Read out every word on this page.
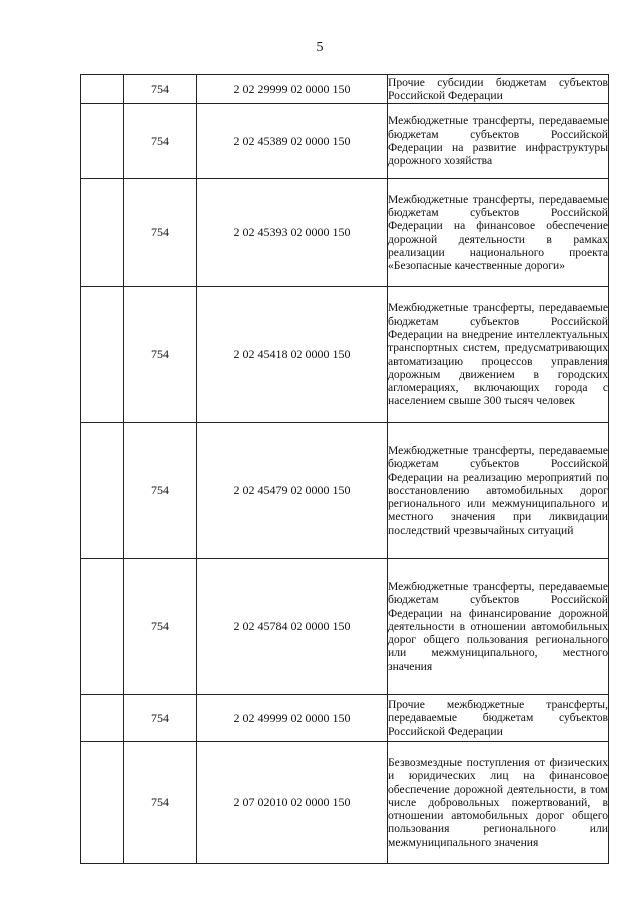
5
	754	2 02 29999 02 0000 150	Прочие субсидии бюджетам субъектов Российской Федерации
	754	2 02 45389 02 0000 150	Межбюджетные трансферты, передаваемые бюджетам субъектов Российской Федерации на развитие инфраструктуры дорожного хозяйства
	754	2 02 45393 02 0000 150	Межбюджетные трансферты, передаваемые бюджетам субъектов Российской Федерации на финансовое обеспечение дорожной деятельности в рамках реализации национального проекта «Безопасные качественные дороги»
	754	2 02 45418 02 0000 150	Межбюджетные трансферты, передаваемые бюджетам субъектов Российской Федерации на внедрение интеллектуальных транспортных систем, предусматривающих автоматизацию процессов управления дорожным движением в городских агломерациях, включающих города с населением свыше 300 тысяч человек
	754	2 02 45479 02 0000 150	Межбюджетные трансферты, передаваемые бюджетам субъектов Российской Федерации на реализацию мероприятий по восстановлению автомобильных дорог регионального или межмуниципального и местного значения при ликвидации последствий чрезвычайных ситуаций
	754	2 02 45784 02 0000 150	Межбюджетные трансферты, передаваемые бюджетам субъектов Российской Федерации на финансирование дорожной деятельности в отношении автомобильных дорог общего пользования регионального или межмуниципального, местного значения
	754	2 02 49999 02 0000 150	Прочие межбюджетные трансферты, передаваемые бюджетам субъектов Российской Федерации
	754	2 07 02010 02 0000 150	Безвозмездные поступления от физических и юридических лиц на финансовое обеспечение дорожной деятельности, в том числе добровольных пожертвований, в отношении автомобильных дорог общего пользования регионального или межмуниципального значения
